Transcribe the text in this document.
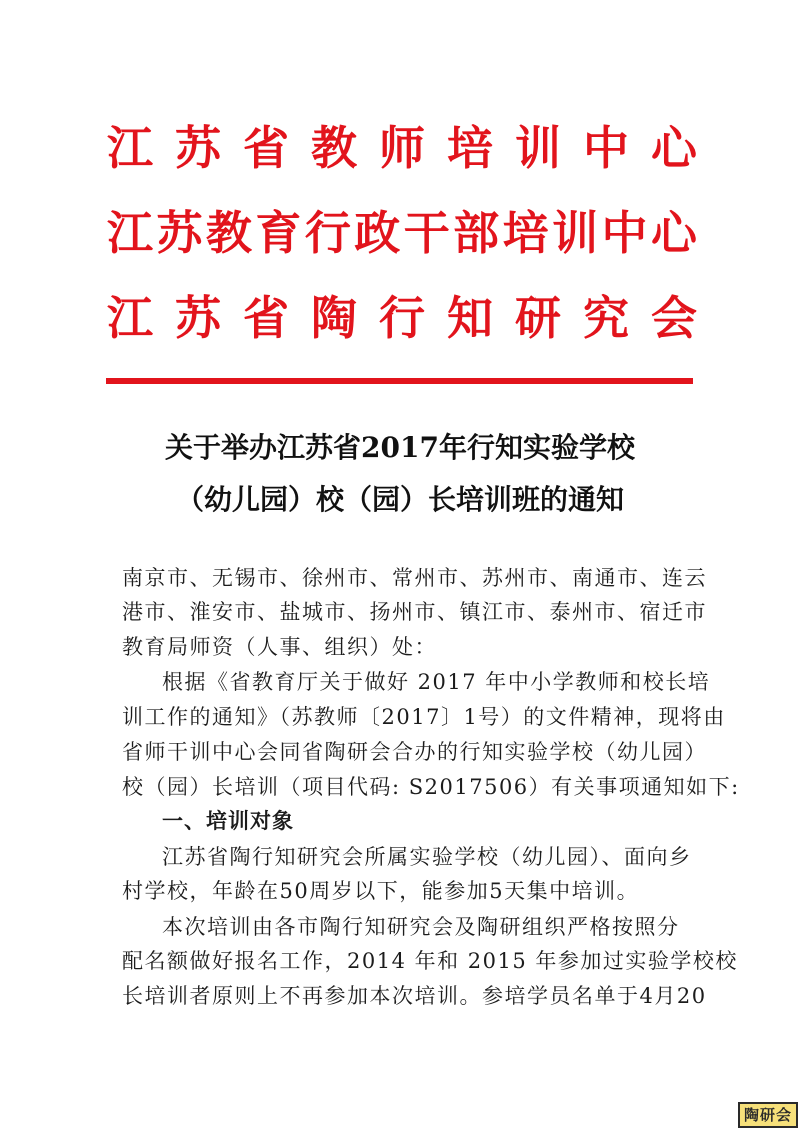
江 苏 省 教 师 培 训 中 心
江 苏 教 育 行 政 干 部 培 训 中 心
江 苏 省 陶 行 知 研 究 会
关于举办江苏省2017年行知实验学校
（幼儿园）校（园）长培训班的通知
南京市、无锡市、徐州市、常州市、苏州市、南通市、连云
港市、淮安市、盐城市、扬州市、镇江市、泰州市、宿迁市
教育局师资（人事、组织）处：
根据《省教育厅关于做好 2017 年中小学教师和校长培
训工作的通知》（苏教师〔2017〕1号）的文件精神，现将由
省师干训中心会同省陶研会合办的行知实验学校（幼儿园）
校（园）长培训（项目代码: S2017506）有关事项通知如下:
一、培训对象
江苏省陶行知研究会所属实验学校（幼儿园）、面向乡
村学校，年龄在50周岁以下，能参加5天集中培训。
本次培训由各市陶行知研究会及陶研组织严格按照分
配名额做好报名工作，2014 年和 2015 年参加过实验学校校
长培训者原则上不再参加本次培训。参培学员名单于4月20
陶研会
